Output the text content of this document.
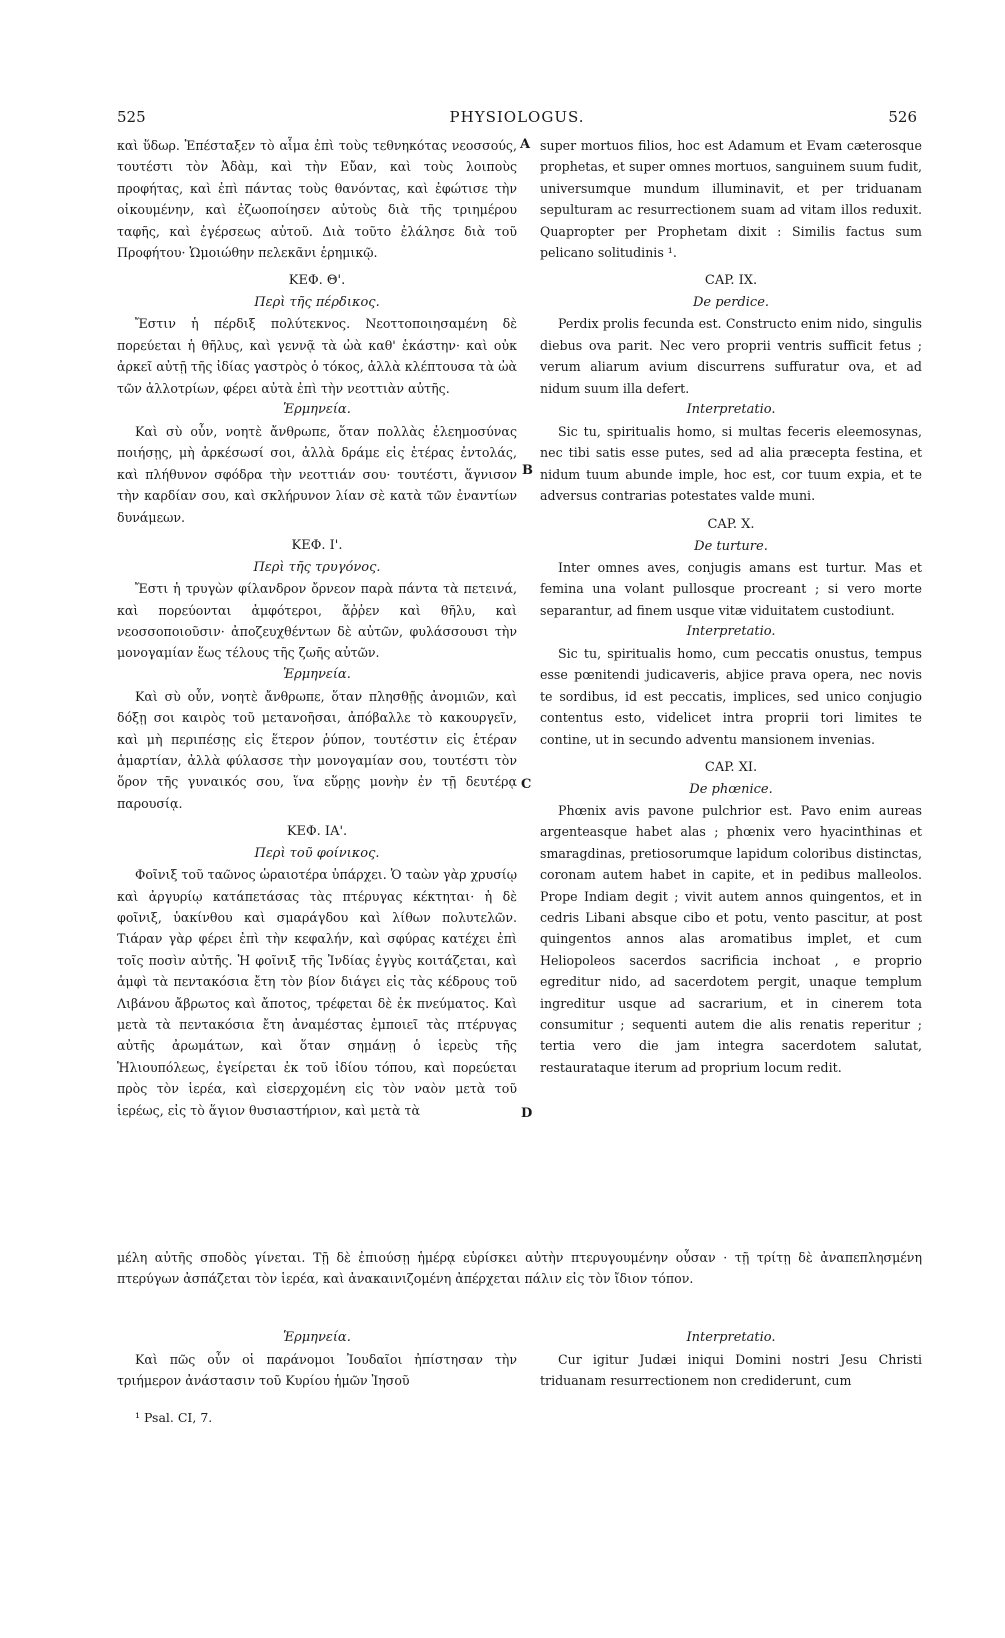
525	PHYSIOLOGUS.	526

καὶ ὕδωρ. Ἐπέσταξεν τὸ αἷμα ἐπὶ τοὺς τεθνηκότας νεοσσούς, τουτέστι τὸν Ἀδὰμ, καὶ τὴν Εὔαν, καὶ τοὺς λοιποὺς προφήτας, καὶ ἐπὶ πάντας τοὺς θανόντας, καὶ ἐφώτισε τὴν οἰκουμένην, καὶ ἐζωοποίησεν αὐτοὺς διὰ τῆς τριημέρου ταφῆς, καὶ ἐγέρσεως αὐτοῦ. Διὰ τοῦτο ἐλάλησε διὰ τοῦ Προφήτου· Ὡμοιώθην πελεκᾶνι ἐρημικῷ.

ΚΕΦ. Θ'.
Περὶ τῆς πέρδικος.

Ἔστιν ἡ πέρδιξ πολύτεκνος. Νεοττοποιησαμένη δὲ πορεύεται ἡ θῆλυς, καὶ γεννᾷ τὰ ὠὰ καθ' ἑκάστην· καὶ οὐκ ἀρκεῖ αὐτῇ τῆς ἰδίας γαστρὸς ὁ τόκος, ἀλλὰ κλέπτουσα τὰ ὠὰ τῶν ἀλλοτρίων, φέρει αὐτὰ ἐπὶ τὴν νεοττιὰν αὐτῆς.

Ἑρμηνεία.

Καὶ σὺ οὖν, νοητὲ ἄνθρωπε, ὅταν πολλὰς ἐλεημοσύνας ποιήσῃς, μὴ ἀρκέσωσί σοι, ἀλλὰ δράμε εἰς ἑτέρας ἐντολάς, καὶ πλήθυνον σφόδρα τὴν νεοττιάν σου· τουτέστι, ἅγνισον τὴν καρδίαν σου, καὶ σκλήρυνον λίαν σὲ κατὰ τῶν ἐναντίων δυνάμεων.

ΚΕΦ. Ι'.
Περὶ τῆς τρυγόνος.

Ἔστι ἡ τρυγὼν φίλανδρον ὄρνεον παρὰ πάντα τὰ πετεινά, καὶ πορεύονται ἀμφότεροι, ἄῤῥεν καὶ θῆλυ, καὶ νεοσσοποιοῦσιν· ἀποζευχθέντων δὲ αὐτῶν, φυλάσσουσι τὴν μονογαμίαν ἕως τέλους τῆς ζωῆς αὐτῶν.

Ἑρμηνεία.

Καὶ σὺ οὖν, νοητὲ ἄνθρωπε, ὅταν πλησθῇς ἀνομιῶν, καὶ δόξῃ σοι καιρὸς τοῦ μετανοῆσαι, ἀπόβαλλε τὸ κακουργεῖν, καὶ μὴ περιπέσῃς εἰς ἕτερον ῥύπον, τουτέστιν εἰς ἑτέραν ἁμαρτίαν, ἀλλὰ φύλασσε τὴν μονογαμίαν σου, τουτέστι τὸν ὅρον τῆς γυναικός σου, ἵνα εὕρῃς μονὴν ἐν τῇ δευτέρᾳ παρουσίᾳ.

ΚΕΦ. ΙΑ'.
Περὶ τοῦ φοίνικος.

Φοῖνιξ τοῦ ταῶνος ὡραιοτέρα ὑπάρχει. Ὁ ταὼν γὰρ χρυσίῳ καὶ ἀργυρίῳ κατάπετάσας τὰς πτέρυγας κέκτηται· ἡ δὲ φοῖνιξ, ὑακίνθου καὶ σμαράγδου καὶ λίθων πολυτελῶν. Τιάραν γὰρ φέρει ἐπὶ τὴν κεφαλήν, καὶ σφύρας κατέχει ἐπὶ τοῖς ποσὶν αὐτῆς. Ἡ φοῖνιξ τῆς Ἰνδίας ἐγγὺς κοιτάζεται, καὶ ἀμφὶ τὰ πεντακόσια ἔτη τὸν βίον διάγει εἰς τὰς κέδρους τοῦ Λιβάνου ἄβρωτος καὶ ἄποτος, τρέφεται δὲ ἐκ πνεύματος. Καὶ μετὰ τὰ πεντακόσια ἔτη ἀναμέστας ἐμποιεῖ τὰς πτέρυγας αὐτῆς ἀρωμάτων, καὶ ὅταν σημάνῃ ὁ ἱερεὺς τῆς Ἡλιουπόλεως, ἐγείρεται ἐκ τοῦ ἰδίου τόπου, καὶ πορεύεται πρὸς τὸν ἱερέα, καὶ εἰσερχομένη εἰς τὸν ναὸν μετὰ τοῦ ἱερέως, εἰς τὸ ἅγιον θυσιαστήριον, καὶ μετὰ τὰ

super mortuos filios, hoc est Adamum et Evam cæterosque prophetas, et super omnes mortuos, sanguinem suum fudit, universumque mundum illuminavit, et per triduanam sepulturam ac resurrectionem suam ad vitam illos reduxit. Quapropter per Prophetam dixit : Similis factus sum pelicano solitudinis ¹.

CAP. IX.
De perdice.

Perdix prolis fecunda est. Constructo enim nido, singulis diebus ova parit. Nec vero proprii ventris sufficit fetus ; verum aliarum avium discurrens suffuratur ova, et ad nidum suum illa defert.

Interpretatio.

Sic tu, spiritualis homo, si multas feceris eleemosynas, nec tibi satis esse putes, sed ad alia præcepta festina, et nidum tuum abunde imple, hoc est, cor tuum expia, et te adversus contrarias potestates valde muni.

CAP. X.
De turture.

Inter omnes aves, conjugis amans est turtur. Mas et femina una volant pullosque procreant ; si vero morte separantur, ad finem usque vitæ viduitatem custodiunt.

Interpretatio.

Sic tu, spiritualis homo, cum peccatis onustus, tempus esse pœnitendi judicaveris, abjice prava opera, nec novis te sordibus, id est peccatis, implices, sed unico conjugio contentus esto, videlicet intra proprii tori limites te contine, ut in secundo adventu mansionem invenias.

CAP. XI.
De phœnice.

Phœnix avis pavone pulchrior est. Pavo enim aureas argenteasque habet alas ; phœnix vero hyacinthinas et smaragdinas, pretiosorumque lapidum coloribus distinctas, coronam autem habet in capite, et in pedibus malleolos. Prope Indiam degit ; vivit autem annos quingentos, et in cedris Libani absque cibo et potu, vento pascitur, at post quingentos annos alas aromatibus implet, et cum Heliopoleos sacerdos sacrificia inchoat , e proprio egreditur nido, ad sacerdotem pergit, unaque templum ingreditur usque ad sacrarium, et in cinerem tota consumitur ; sequenti autem die alis renatis reperitur ; tertia vero die jam integra sacerdotem salutat, restaurataque iterum ad proprium locum redit.

A
B
C
D

μέλη αὐτῆς σποδὸς γίνεται. Τῇ δὲ ἐπιούσῃ ἡμέρᾳ εὑρίσκει αὐτὴν πτερυγουμένην οὖσαν · τῇ τρίτῃ δὲ ἀναπεπλησμένη πτερύγων ἀσπάζεται τὸν ἱερέα, καὶ ἀνακαινιζομένη ἀπέρχεται πάλιν εἰς τὸν ἴδιον τόπον.

Ἑρμηνεία.

Καὶ πῶς οὖν οἱ παράνομοι Ἰουδαῖοι ἠπίστησαν τὴν τριήμερον ἀνάστασιν τοῦ Κυρίου ἡμῶν Ἰησοῦ

Interpretatio.

Cur igitur Judæi iniqui Domini nostri Jesu Christi triduanam resurrectionem non crediderunt, cum

¹ Psal. CI, 7.
